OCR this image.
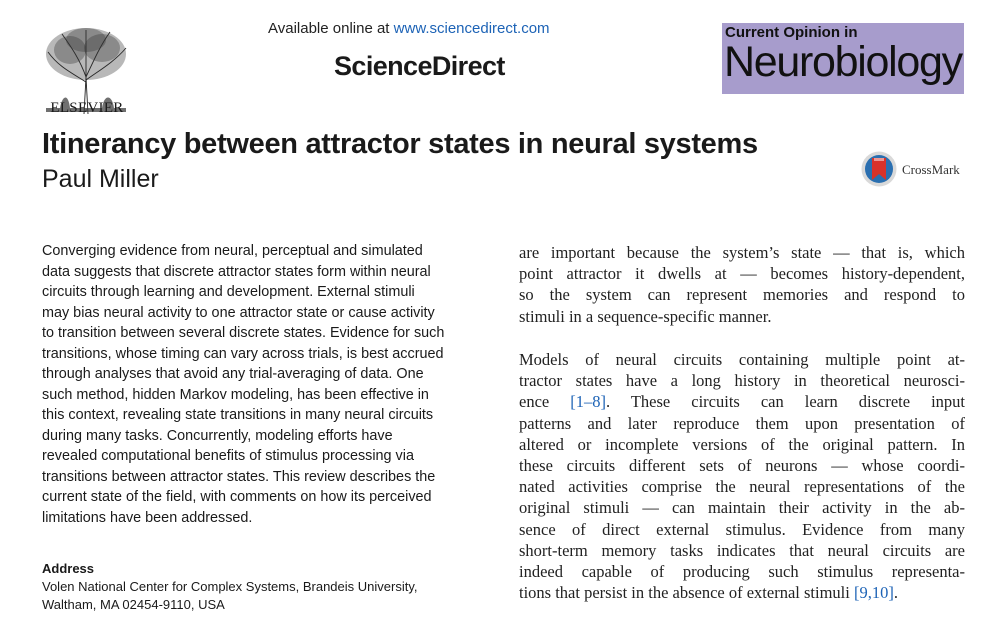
ELSEVIER
Available online at www.sciencedirect.com
ScienceDirect
Current Opinion in
Neurobiology
Itinerancy between attractor states in neural systems
Paul Miller	CrossMark
Converging evidence from neural, perceptual and simulated
data suggests that discrete attractor states form within neural
circuits through learning and development. External stimuli
may bias neural activity to one attractor state or cause activity
to transition between several discrete states. Evidence for such
transitions, whose timing can vary across trials, is best accrued
through analyses that avoid any trial-averaging of data. One
such method, hidden Markov modeling, has been effective in
this context, revealing state transitions in many neural circuits
during many tasks. Concurrently, modeling efforts have
revealed computational benefits of stimulus processing via
transitions between attractor states. This review describes the
current state of the field, with comments on how its perceived
limitations have been addressed.
Address
Volen National Center for Complex Systems, Brandeis University,
Waltham, MA 02454-9110, USA
are important because the system’s state — that is, which
point attractor it dwells at — becomes history-dependent,
so the system can represent memories and respond to
stimuli in a sequence-specific manner.
Models of neural circuits containing multiple point at-
tractor states have a long history in theoretical neurosci-
ence [1–8]. These circuits can learn discrete input
patterns and later reproduce them upon presentation of
altered or incomplete versions of the original pattern. In
these circuits different sets of neurons — whose coordi-
nated activities comprise the neural representations of the
original stimuli — can maintain their activity in the ab-
sence of direct external stimulus. Evidence from many
short-term memory tasks indicates that neural circuits are
indeed capable of producing such stimulus representa-
tions that persist in the absence of external stimuli [9,10].
